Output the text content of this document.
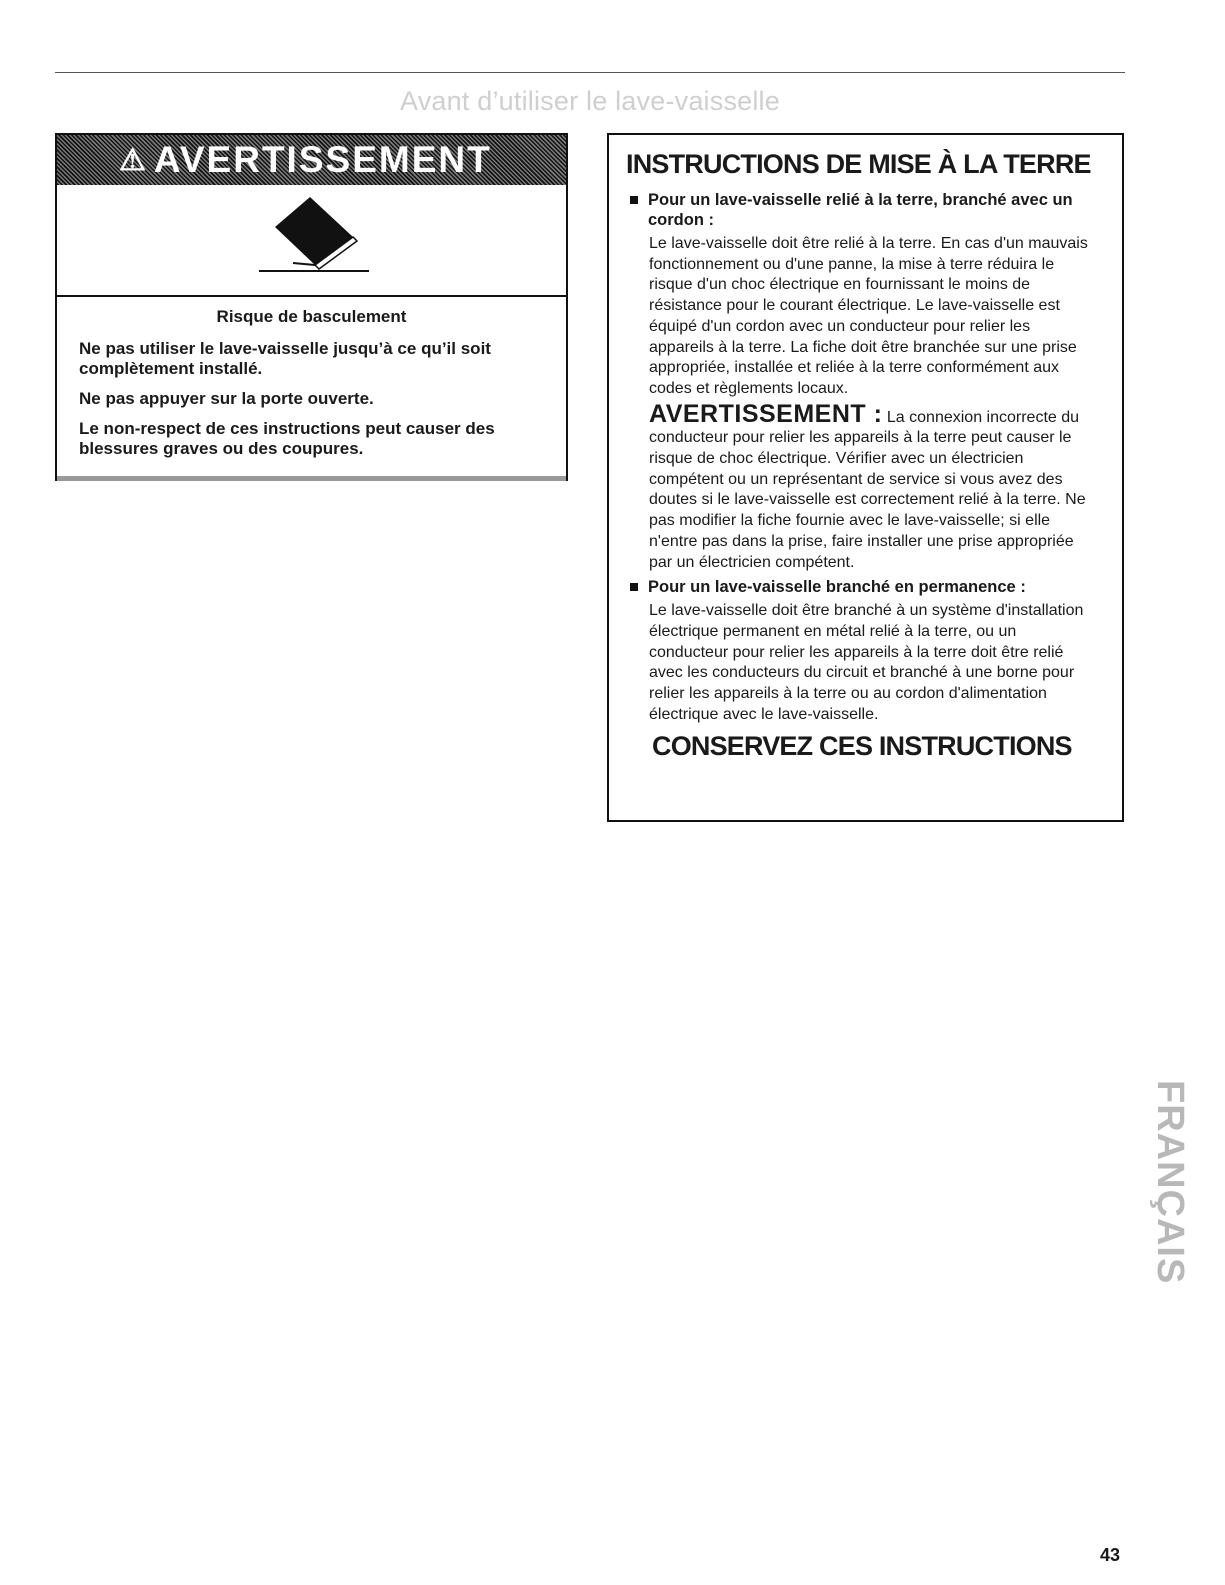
Avant d’utiliser le lave-vaisselle
⚠ AVERTISSEMENT

Risque de basculement

Ne pas utiliser le lave-vaisselle jusqu’à ce qu’il soit complètement installé.

Ne pas appuyer sur la porte ouverte.

Le non-respect de ces instructions peut causer des blessures graves ou des coupures.

INSTRUCTIONS DE MISE À LA TERRE
Pour un lave-vaisselle relié à la terre, branché avec un cordon :

Le lave-vaisselle doit être relié à la terre. En cas d'un mauvais fonctionnement ou d'une panne, la mise à terre réduira le risque d'un choc électrique en fournissant le moins de résistance pour le courant électrique. Le lave-vaisselle est équipé d'un cordon avec un conducteur pour relier les appareils à la terre. La fiche doit être branchée sur une prise appropriée, installée et reliée à la terre conformément aux codes et règlements locaux.

AVERTISSEMENT : La connexion incorrecte du conducteur pour relier les appareils à la terre peut causer le risque de choc électrique. Vérifier avec un électricien compétent ou un représentant de service si vous avez des doutes si le lave-vaisselle est correctement relié à la terre. Ne pas modifier la fiche fournie avec le lave-vaisselle; si elle n'entre pas dans la prise, faire installer une prise appropriée par un électricien compétent.

Pour un lave-vaisselle branché en permanence :

Le lave-vaisselle doit être branché à un système d'installation électrique permanent en métal relié à la terre, ou un conducteur pour relier les appareils à la terre doit être relié avec les conducteurs du circuit et branché à une borne pour relier les appareils à la terre ou au cordon d'alimentation électrique avec le lave-vaisselle.

CONSERVEZ CES INSTRUCTIONS
FRANÇAIS
43
